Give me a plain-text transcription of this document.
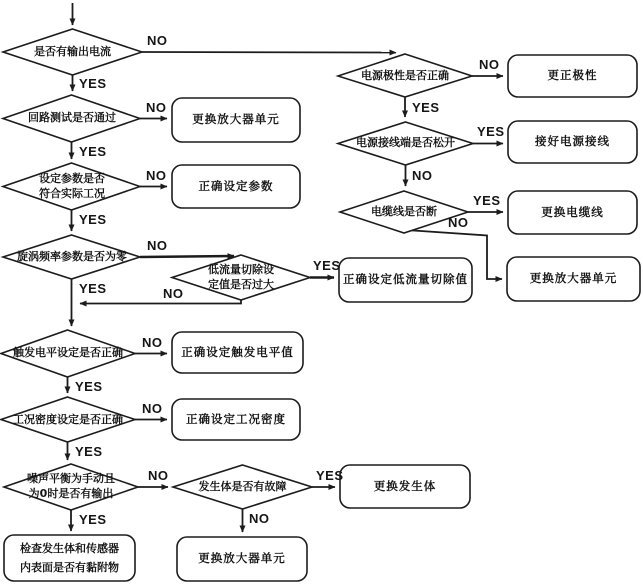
是否有输出电流
回路测试是否通过
设定参数是否
符合实际工况
旋涡频率参数是否为零
低流量切除设
定值是否过大
触发电平设定是否正确
工况密度设定是否正确
噪声平衡为手动且
为0时是否有输出
发生体是否有故障
电源极性是否正确
电源接线端是否松开
电缆线是否断
更换放大器单元
正确设定参数
正确设定低流量切除值
正确设定触发电平值
正确设定工况密度
更换发生体
更换放大器单元
检查发生体和传感器
内表面是否有黏附物
更正极性
接好电源接线
更换电缆线
更换放大器单元
NO
YES
NO
YES
NO
YES
NO
YES
YES
NO
NO
YES
NO
YES
NO
YES
YES
NO
NO
YES
YES
NO
YES
NO
